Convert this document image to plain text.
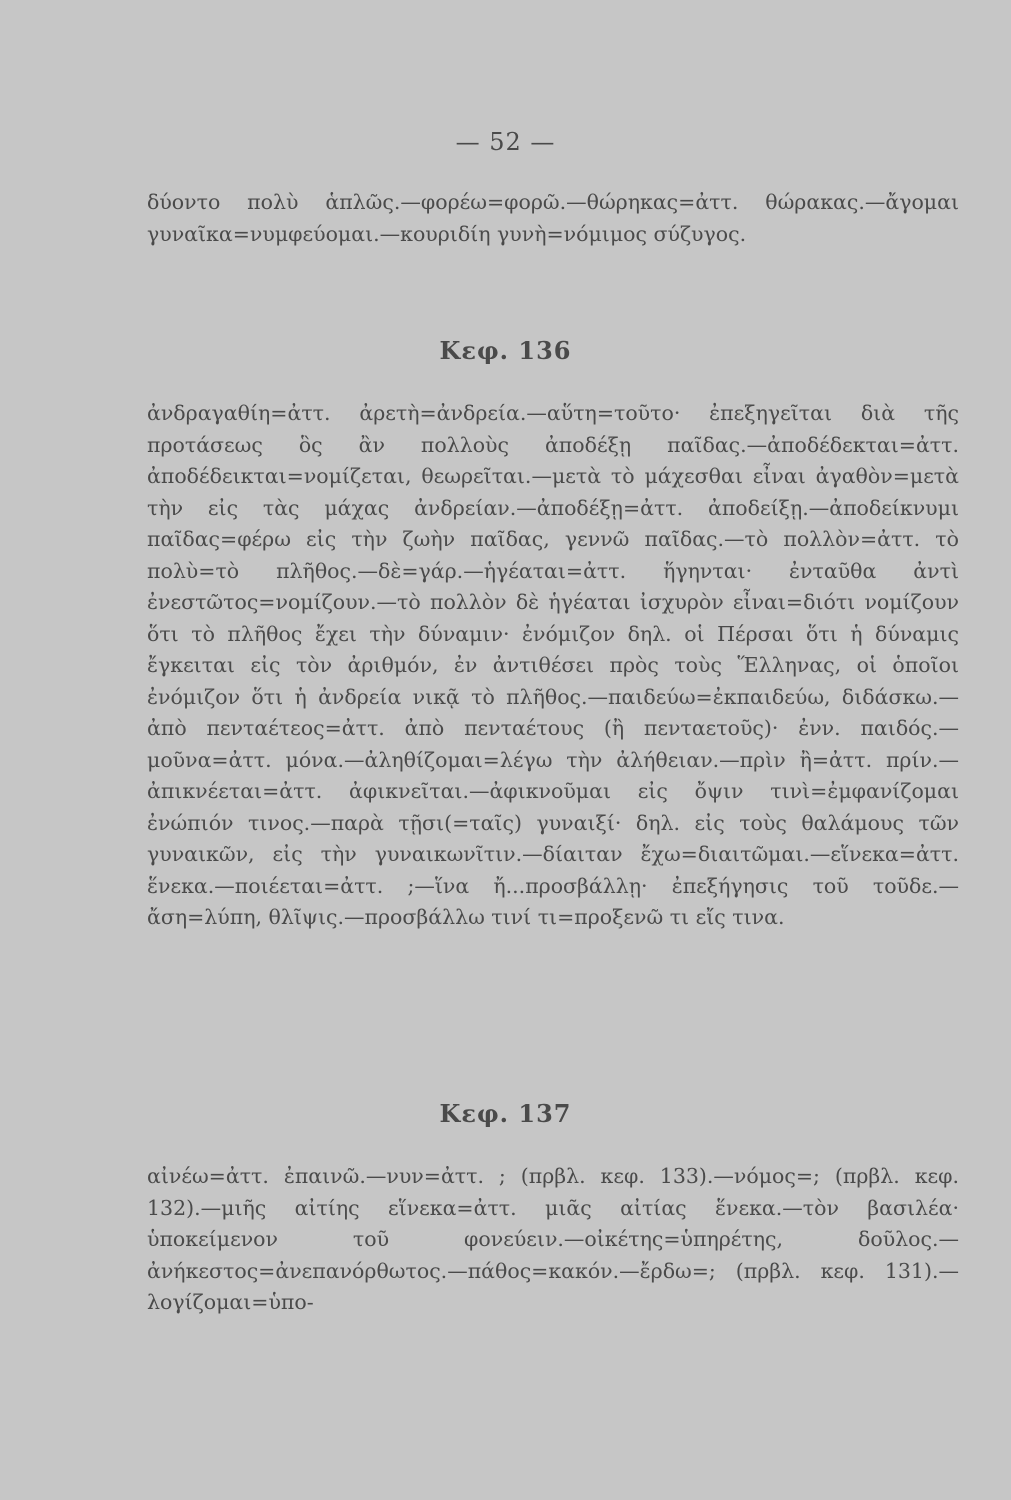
— 52 —

δύοντο πολὺ ἁπλῶς.—φορέω=φορῶ.—θώρηκας=ἀττ. θώρακας.—ἄγομαι γυναῖκα=νυμφεύομαι.—κουριδίη γυνὴ=νόμιμος σύζυγος.

Κεφ. 136

ἀνδραγαθίη=ἀττ. ἀρετὴ=ἀνδρεία.—αὕτη=τοῦτο· ἐπεξηγεῖται διὰ τῆς προτάσεως ὃς ἂν πολλοὺς ἀποδέξῃ παῖδας.—ἀποδέδεκται=ἀττ. ἀποδέδεικται=νομίζεται, θεωρεῖται.—μετὰ τὸ μάχεσθαι εἶναι ἀγαθὸν=μετὰ τὴν εἰς τὰς μάχας ἀνδρείαν.—ἀποδέξῃ=ἀττ. ἀποδείξῃ.—ἀποδείκνυμι παῖδας=φέρω εἰς τὴν ζωὴν παῖδας, γεννῶ παῖδας.—τὸ πολλὸν=ἀττ. τὸ πολὺ=τὸ πλῆθος.—δὲ=γάρ.—ἡγέαται=ἀττ. ἥγηνται· ἐνταῦθα ἀντὶ ἐνεστῶτος=νομίζουν.—τὸ πολλὸν δὲ ἡγέαται ἰσχυρὸν εἶναι=διότι νομίζουν ὅτι τὸ πλῆθος ἔχει τὴν δύναμιν· ἐνόμιζον δηλ. οἱ Πέρσαι ὅτι ἡ δύναμις ἔγκειται εἰς τὸν ἀριθμόν, ἐν ἀντιθέσει πρὸς τοὺς Ἕλληνας, οἱ ὁποῖοι ἐνόμιζον ὅτι ἡ ἀνδρεία νικᾷ τὸ πλῆθος.—παιδεύω=ἐκπαιδεύω, διδάσκω.—ἀπὸ πενταέτεος=ἀττ. ἀπὸ πενταέτους (ἢ πενταετοῦς)· ἐνν. παιδός.—μοῦνα=ἀττ. μόνα.—ἀληθίζομαι=λέγω τὴν ἀλήθειαν.—πρὶν ἢ=ἀττ. πρίν.—ἀπικνέεται=ἀττ. ἀφικνεῖται.—ἀφικνοῦμαι εἰς ὄψιν τινὶ=ἐμφανίζομαι ἐνώπιόν τινος.—παρὰ τῇσι(=ταῖς) γυναιξί· δηλ. εἰς τοὺς θαλάμους τῶν γυναικῶν, εἰς τὴν γυναικωνῖτιν.—δίαιταν ἔχω=διαιτῶμαι.—εἵνεκα=ἀττ. ἕνεκα.—ποιέεται=ἀττ. ;—ἵνα ἤ...προσβάλλῃ· ἐπεξήγησις τοῦ τοῦδε.—ἄση=λύπη, θλῖψις.—προσβάλλω τινί τι=προξενῶ τι εἴς τινα.

Κεφ. 137

αἰνέω=ἀττ. ἐπαινῶ.—νυν=ἀττ. ; (πρβλ. κεφ. 133).—νόμος=; (πρβλ. κεφ. 132).—μιῆς αἰτίης εἵνεκα=ἀττ. μιᾶς αἰτίας ἕνεκα.—τὸν βασιλέα· ὑποκείμενον τοῦ φονεύειν.—οἰκέτης=ὑπηρέτης, δοῦλος.—ἀνήκεστος=ἀνεπανόρθωτος.—πάθος=κακόν.—ἔρδω=; (πρβλ. κεφ. 131).—λογίζομαι=ὑπο-
